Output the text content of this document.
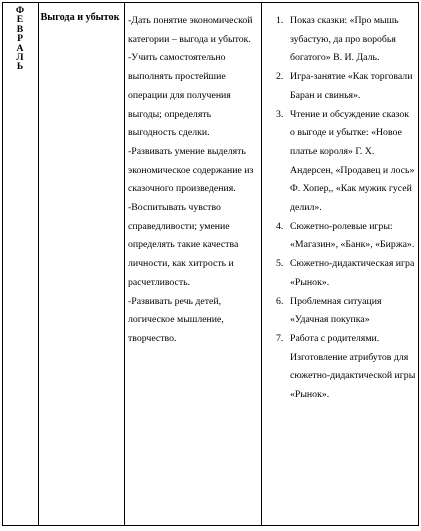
Ф
Е
В
Р
А
Л
Ь
Выгода и убыток -Дать понятие экономической категории – выгода и убыток.

-Учить самостоятельно выполнять простейшие операции для получения выгоды; определять выгодность сделки.

-Развивать умение выделять экономическое содержание из сказочного произведения.

-Воспитывать чувство справедливости; умение определять такие качества личности, как хитрость и расчетливость.

-Развивать речь детей, логическое мышление, творчество.

1. Показ сказки: «Про мышь зубастую, да про воробья богатого» В. И. Даль.
2. Игра-занятие «Как торговали Баран и свинья».
3. Чтение и обсуждение сказок о выгоде и убытке: «Новое платье короля» Г. Х. Андерсен, «Продавец и лось» Ф. Хопер,, «Как мужик гусей делил».
4. Сюжетно-ролевые игры: «Магазин», «Банк», «Биржа».
5. Сюжетно-дидактическая игра «Рынок».
6. Проблемная ситуация «Удачная покупка»
7. Работа с родителями. Изготовление атрибутов для сюжетно-дидактической игры «Рынок».
